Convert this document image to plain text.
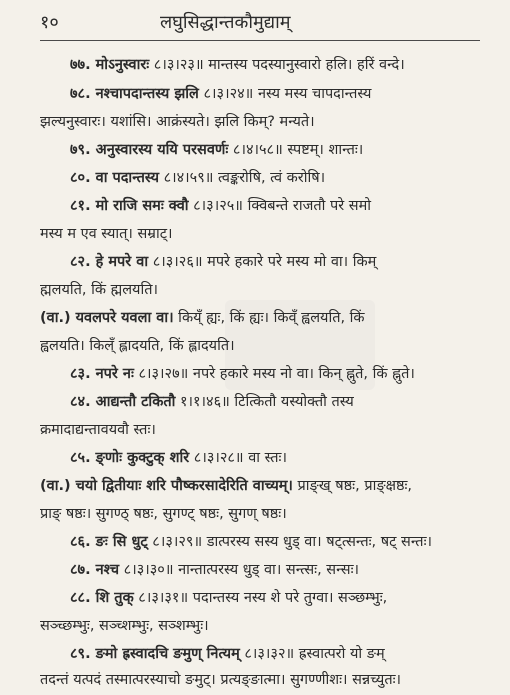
१०	लघुसिद्धान्तकौमुद्याम्
७७. मोऽनुस्वारः ८।३।२३॥ मान्तस्य पदस्यानुस्वारो हलि। हरिं वन्दे।
७८. नश्चापदान्तस्य झलि ८।३।२४॥ नस्य मस्य चापदान्तस्य
झल्यनुस्वारः। यशांसि। आक्रंस्यते। झलि किम्? मन्यते।
७९. अनुस्वारस्य ययि परसवर्णः ८।४।५८॥ स्पष्टम्। शान्तः।
८०. वा पदान्तस्य ८।४।५९॥ त्वङ्करोषि, त्वं करोषि।
८१. मो राजि समः क्वौ ८।३।२५॥ क्विबन्ते राजतौ परे समो
मस्य म एव स्यात्। सम्राट्।
८२. हे मपरे वा ८।३।२६॥ मपरे हकारे परे मस्य मो वा। किम्
ह्मलयति, किं ह्मलयति।
(वा.) यवलपरे यवला वा। किय्ँ ह्यः, किं ह्यः। किव्ँ ह्वलयति, किं
ह्वलयति। किल्ँ ह्लादयति, किं ह्लादयति।
८३. नपरे नः ८।३।२७॥ नपरे हकारे मस्य नो वा। किन् ह्नुते, किं ह्नुते।
८४. आद्यन्तौ टकितौ १।१।४६॥ टित्कितौ यस्योक्तौ तस्य
क्रमादाद्यन्तावयवौ स्तः।
८५. ङ्णोः कुक्टुक् शरि ८।३।२८॥ वा स्तः।
(वा.) चयो द्वितीयाः शरि पौष्करसादेरिति वाच्यम्। प्राङ्ख् षष्ठः, प्राङ्क्षष्ठः,
प्राङ् षष्ठः। सुगण्ठ् षष्ठः, सुगण्ट् षष्ठः, सुगण् षष्ठः।
८६. ङः सि धुट् ८।३।२९॥ डात्परस्य सस्य धुड् वा। षट्त्सन्तः, षट् सन्तः।
८७. नश्च ८।३।३०॥ नान्तात्परस्य धुड् वा। सन्त्सः, सन्सः।
८८. शि तुक् ८।३।३१॥ पदान्तस्य नस्य शे परे तुग्वा। सञ्छम्भुः,
सञ्च्छम्भुः, सञ्च्शम्भुः, सञ्शम्भुः।
८९. ङमो ह्रस्वादचि ङमुण् नित्यम् ८।३।३२॥ ह्रस्वात्परो यो ङम्
तदन्तं यत्पदं तस्मात्परस्याचो ङमुट्। प्रत्यङ्ङात्मा। सुगण्णीशः। सन्नच्युतः।
